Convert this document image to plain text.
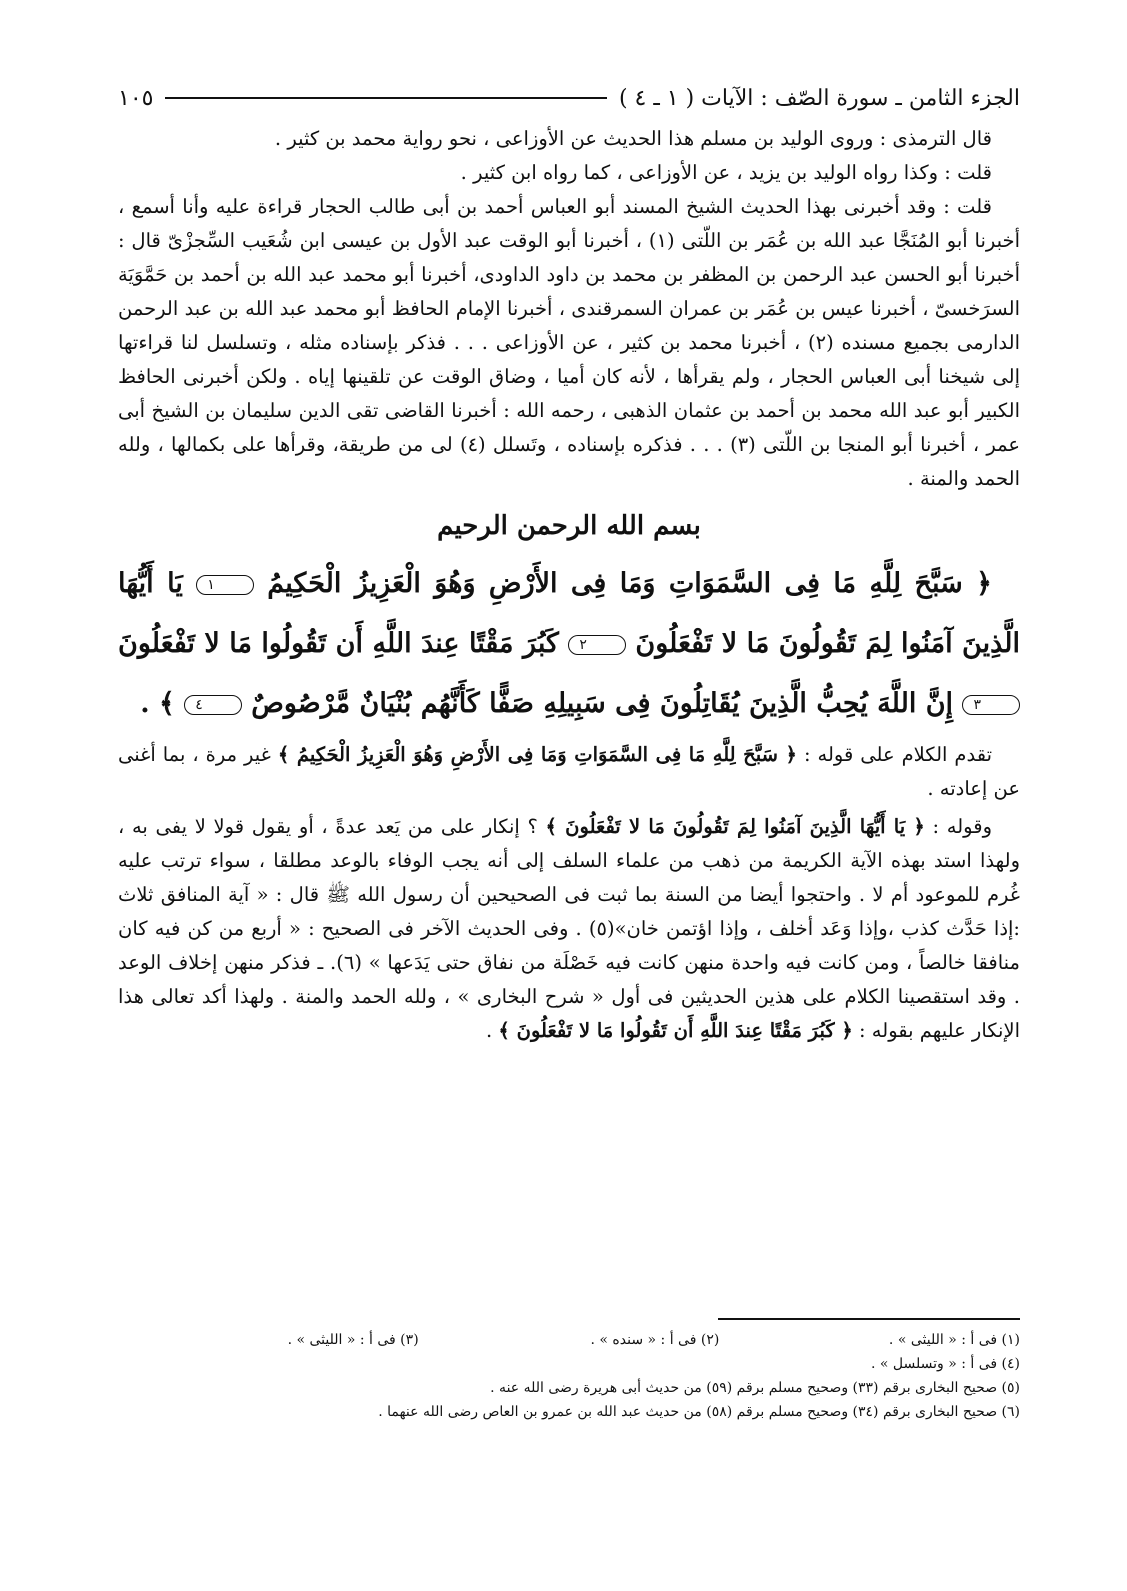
الجزء الثامن ـ سورة الصّف : الآيات ( ١ ـ ٤ )
١٠٥

قال الترمذى : وروى الوليد بن مسلم هذا الحديث عن الأوزاعى ، نحو رواية محمد بن كثير .

قلت : وكذا رواه الوليد بن يزيد ، عن الأوزاعى ، كما رواه ابن كثير .

قلت : وقد أخبرنى بهذا الحديث الشيخ المسند أبو العباس أحمد بن أبى طالب الحجار قراءة عليه وأنا أسمع ، أخبرنا أبو المُنَجَّا عبد الله بن عُمَر بن اللّتى (١) ، أخبرنا أبو الوقت عبد الأول بن عيسى ابن شُعَيب السِّجزْىّ قال : أخبرنا أبو الحسن عبد الرحمن بن المظفر بن محمد بن داود الداودى، أخبرنا أبو محمد عبد الله بن أحمد بن حَمَّوَيَة السرَخسىّ ، أخبرنا عيس بن عُمَر بن عمران السمرقندى ، أخبرنا الإمام الحافظ أبو محمد عبد الله بن عبد الرحمن الدارمى بجميع مسنده (٢) ، أخبرنا محمد بن كثير ، عن الأوزاعى . . . فذكر بإسناده مثله ، وتسلسل لنا قراءتها إلى شيخنا أبى العباس الحجار ، ولم يقرأها ، لأنه كان أميا ، وضاق الوقت عن تلقينها إياه . ولكن أخبرنى الحافظ الكبير أبو عبد الله محمد بن أحمد بن عثمان الذهبى ، رحمه الله : أخبرنا القاضى تقى الدين سليمان بن الشيخ أبى عمر ، أخبرنا أبو المنجا بن اللّتى (٣) . . . فذكره بإسناده ، وتَسلل (٤) لى من طريقة، وقرأها على بكمالها ، ولله الحمد والمنة .

بسم الله الرحمن الرحيم

﴿ سَبَّحَ لِلَّهِ مَا فِى السَّمَوَاتِ وَمَا فِى الأَرْضِ وَهُوَ الْعَزِيزُ الْحَكِيمُ ١ يَا أَيُّهَا الَّذِينَ آمَنُوا لِمَ تَقُولُونَ مَا لا تَفْعَلُونَ ٢ كَبُرَ مَقْتًا عِندَ اللَّهِ أَن تَقُولُوا مَا لا تَفْعَلُونَ ٣ إِنَّ اللَّهَ يُحِبُّ الَّذِينَ يُقَاتِلُونَ فِى سَبِيلِهِ صَفًّا كَأَنَّهُم بُنْيَانٌ مَّرْصُوصٌ ٤ ﴾ .

تقدم الكلام على قوله : ﴿ سَبَّحَ لِلَّهِ مَا فِى السَّمَوَاتِ وَمَا فِى الأَرْضِ وَهُوَ الْعَزِيزُ الْحَكِيمُ ﴾ غير مرة ، بما أغنى عن إعادته .

وقوله : ﴿ يَا أَيُّهَا الَّذِينَ آمَنُوا لِمَ تَقُولُونَ مَا لا تَفْعَلُونَ ﴾ ؟ إنكار على من يَعد عدةً ، أو يقول قولا لا يفى به ، ولهذا استد بهذه الآية الكريمة من ذهب من علماء السلف إلى أنه يجب الوفاء بالوعد مطلقا ، سواء ترتب عليه غُرم للموعود أم لا . واحتجوا أيضا من السنة بما ثبت فى الصحيحين أن رسول الله ﷺ قال : « آية المنافق ثلاث :إذا حَدَّث كذب ،وإذا وَعَد أخلف ، وإذا اؤتمن خان»(٥) . وفى الحديث الآخر فى الصحيح : « أربع من كن فيه كان منافقا خالصاً ، ومن كانت فيه واحدة منهن كانت فيه خَصْلَة من نفاق حتى يَدَعها » (٦). ـ فذكر منهن إخلاف الوعد . وقد استقصينا الكلام على هذين الحديثين فى أول « شرح البخارى » ، ولله الحمد والمنة . ولهذا أكد تعالى هذا الإنكار عليهم بقوله : ﴿ كَبُرَ مَقْتًا عِندَ اللَّهِ أَن تَقُولُوا مَا لا تَفْعَلُونَ ﴾ .

(١) فى أ : « الليثى » .
(٢) فى أ : « سنده » .
(٣) فى أ : « الليثى » .
(٤) فى أ : « وتسلسل » .
(٥) صحيح البخارى برقم (٣٣) وصحيح مسلم برقم (٥٩) من حديث أبى هريرة رضى الله عنه .
(٦) صحيح البخارى برقم (٣٤) وصحيح مسلم برقم (٥٨) من حديث عبد الله بن عمرو بن العاص رضى الله عنهما .
